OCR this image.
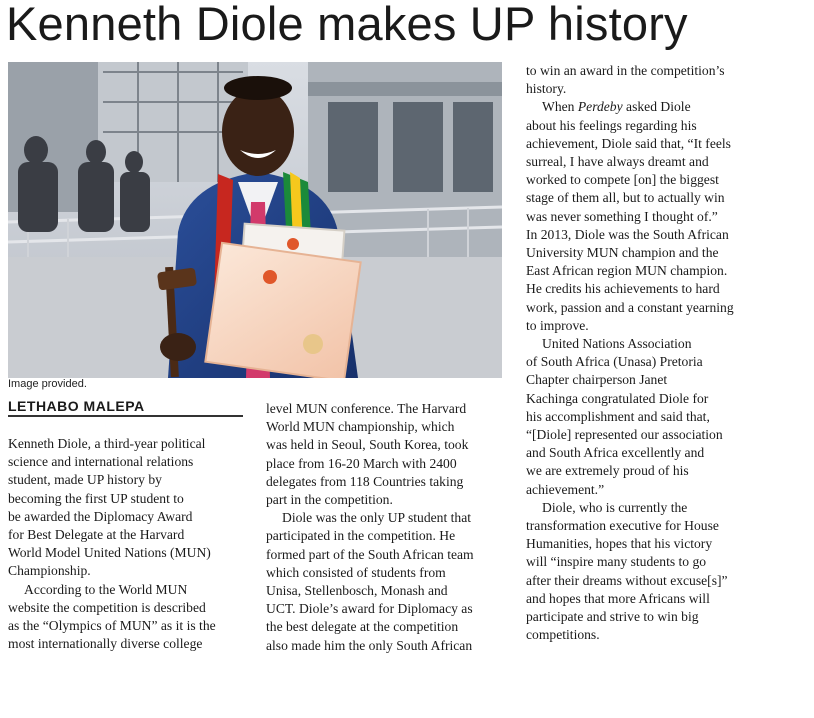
Kenneth Diole makes UP history
Image provided.
LETHABO MALEPA

Kenneth Diole, a third-year political
science and international relations
student, made UP history by
becoming the first UP student to
be awarded the Diplomacy Award
for Best Delegate at the Harvard
World Model United Nations (MUN)
Championship.

According to the World MUN
website the competition is described
as the “Olympics of MUN” as it is the
most internationally diverse college

level MUN conference. The Harvard
World MUN championship, which
was held in Seoul, South Korea, took
place from 16-20 March with 2400
delegates from 118 Countries taking
part in the competition.

Diole was the only UP student that
participated in the competition. He
formed part of the South African team
which consisted of students from
Unisa, Stellenbosch, Monash and
UCT. Diole’s award for Diplomacy as
the best delegate at the competition
also made him the only South African

to win an award in the competition’s
history.

When Perdeby asked Diole
about his feelings regarding his
achievement, Diole said that, “It feels
surreal, I have always dreamt and
worked to compete [on] the biggest
stage of them all, but to actually win
was never something I thought of.”
In 2013, Diole was the South African
University MUN champion and the
East African region MUN champion.
He credits his achievements to hard
work, passion and a constant yearning
to improve.

United Nations Association
of South Africa (Unasa) Pretoria
Chapter chairperson Janet
Kachinga congratulated Diole for
his accomplishment and said that,
“[Diole] represented our association
and South Africa excellently and
we are extremely proud of his
achievement.”

Diole, who is currently the
transformation executive for House
Humanities, hopes that his victory
will “inspire many students to go
after their dreams without excuse[s]”
and hopes that more Africans will
participate and strive to win big
competitions.
